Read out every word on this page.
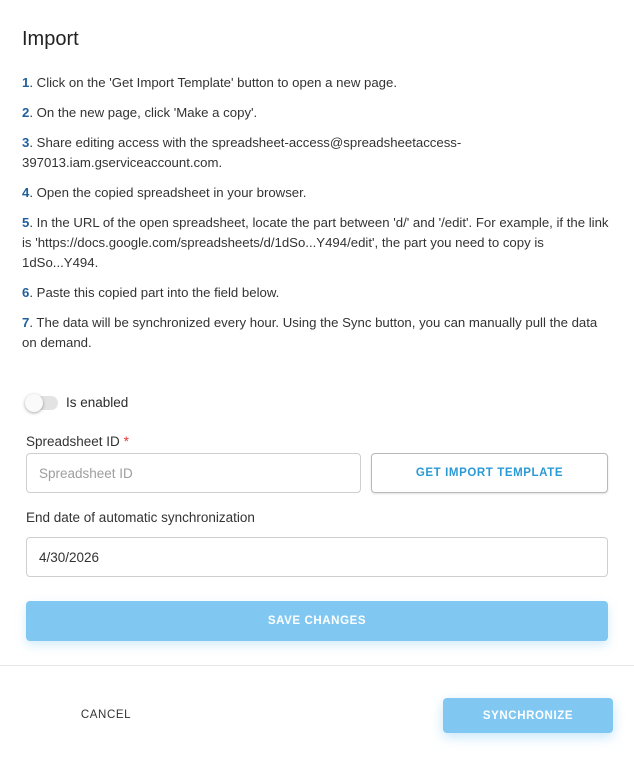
Import
1. Click on the 'Get Import Template' button to open a new page.
2. On the new page, click 'Make a copy'.
3. Share editing access with the spreadsheet-access@spreadsheetaccess-397013.iam.gserviceaccount.com.
4. Open the copied spreadsheet in your browser.
5. In the URL of the open spreadsheet, locate the part between 'd/' and '/edit'. For example, if the link is 'https://docs.google.com/spreadsheets/d/1dSo...Y494/edit', the part you need to copy is 1dSo...Y494.
6. Paste this copied part into the field below.
7. The data will be synchronized every hour. Using the Sync button, you can manually pull the data on demand.
Is enabled
Spreadsheet ID *
Spreadsheet ID
GET IMPORT TEMPLATE
End date of automatic synchronization
4/30/2026
SAVE CHANGES
CANCEL	SYNCHRONIZE
